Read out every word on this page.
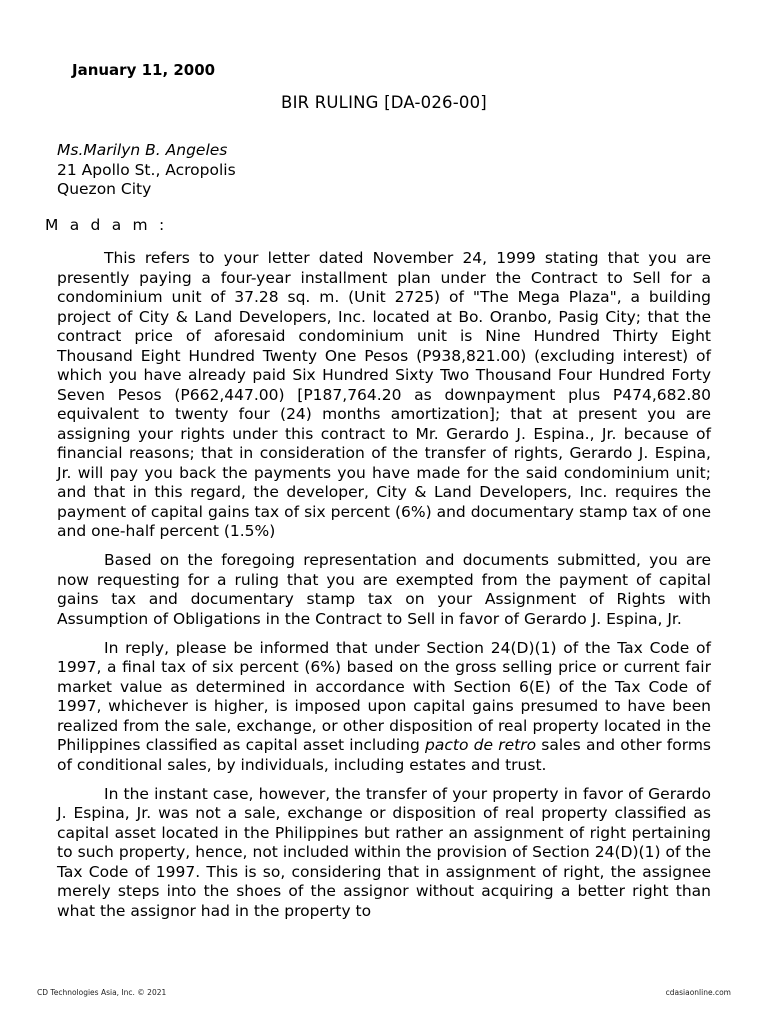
January 11, 2000
BIR RULING [DA-026-00]
Ms.Marilyn B. Angeles
21 Apollo St., Acropolis
Quezon City
M a d a m :

This refers to your letter dated November 24, 1999 stating that you are presently paying a four-year installment plan under the Contract to Sell for a condominium unit of 37.28 sq. m. (Unit 2725) of "The Mega Plaza", a building project of City & Land Developers, Inc. located at Bo. Oranbo, Pasig City; that the contract price of aforesaid condominium unit is Nine Hundred Thirty Eight Thousand Eight Hundred Twenty One Pesos (P938,821.00) (excluding interest) of which you have already paid Six Hundred Sixty Two Thousand Four Hundred Forty Seven Pesos (P662,447.00) [P187,764.20 as downpayment plus P474,682.80 equivalent to twenty four (24) months amortization]; that at present you are assigning your rights under this contract to Mr. Gerardo J. Espina., Jr. because of financial reasons; that in consideration of the transfer of rights, Gerardo J. Espina, Jr. will pay you back the payments you have made for the said condominium unit; and that in this regard, the developer, City & Land Developers, Inc. requires the payment of capital gains tax of six percent (6%) and documentary stamp tax of one and one-half percent (1.5%)

Based on the foregoing representation and documents submitted, you are now requesting for a ruling that you are exempted from the payment of capital gains tax and documentary stamp tax on your Assignment of Rights with Assumption of Obligations in the Contract to Sell in favor of Gerardo J. Espina, Jr.

In reply, please be informed that under Section 24(D)(1) of the Tax Code of 1997, a final tax of six percent (6%) based on the gross selling price or current fair market value as determined in accordance with Section 6(E) of the Tax Code of 1997, whichever is higher, is imposed upon capital gains presumed to have been realized from the sale, exchange, or other disposition of real property located in the Philippines classified as capital asset including pacto de retro sales and other forms of conditional sales, by individuals, including estates and trust.

In the instant case, however, the transfer of your property in favor of Gerardo J. Espina, Jr. was not a sale, exchange or disposition of real property classified as capital asset located in the Philippines but rather an assignment of right pertaining to such property, hence, not included within the provision of Section 24(D)(1) of the Tax Code of 1997. This is so, considering that in assignment of right, the assignee merely steps into the shoes of the assignor without acquiring a better right than what the assignor had in the property to

CD Technologies Asia, Inc. © 2021	cdasiaonline.com
